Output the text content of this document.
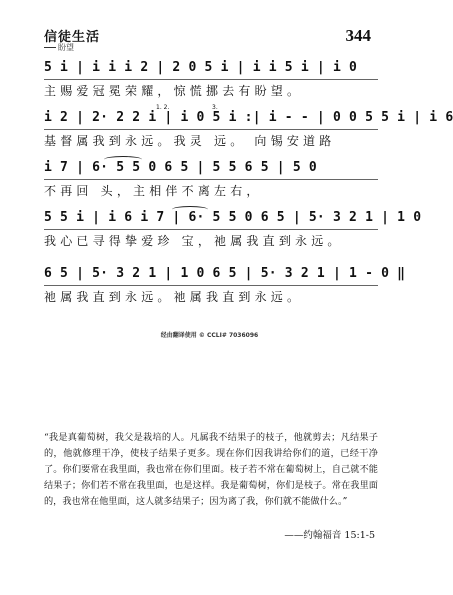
信徒生活
盼望
344
5 i | i i i 2 | 2 0 5 i | i i 5 i | i 0
主赐爱冠冕荣耀，惊慌挪去有盼望。
1. 2.	3.
i 2 | 2· 2 2 i | i 0 5 i :| i - - | 0 0 5 5 i | i 6
基督属我到永远。我灵 远。 向锡安道路
i 7 | 6· 5 5 0 6 5 | 5 5 6 5 | 5 0
不再回 头，主相伴不离左右，
5 5 i | i 6 i 7 | 6· 5 5 0 6 5 | 5· 3 2 1 | 1 0
我心已寻得挚爱珍 宝，祂属我直到永远。
6 5 | 5· 3 2 1 | 1 0 6 5 | 5· 3 2 1 | 1 - 0 ‖
祂属我直到永远。祂属我直到永远。
经由翻译使用 © CCLI# 7036096
“我是真葡萄树，我父是栽培的人。凡属我不结果子的枝子，他就剪去；凡结果子的，他就修理干净，使枝子结果子更多。现在你们因我讲给你们的道，已经干净了。你们要常在我里面，我也常在你们里面。枝子若不常在葡萄树上，自己就不能结果子；你们若不常在我里面，也是这样。我是葡萄树，你们是枝子。常在我里面的，我也常在他里面，这人就多结果子；因为离了我，你们就不能做什么。”
——约翰福音 15:1-5
